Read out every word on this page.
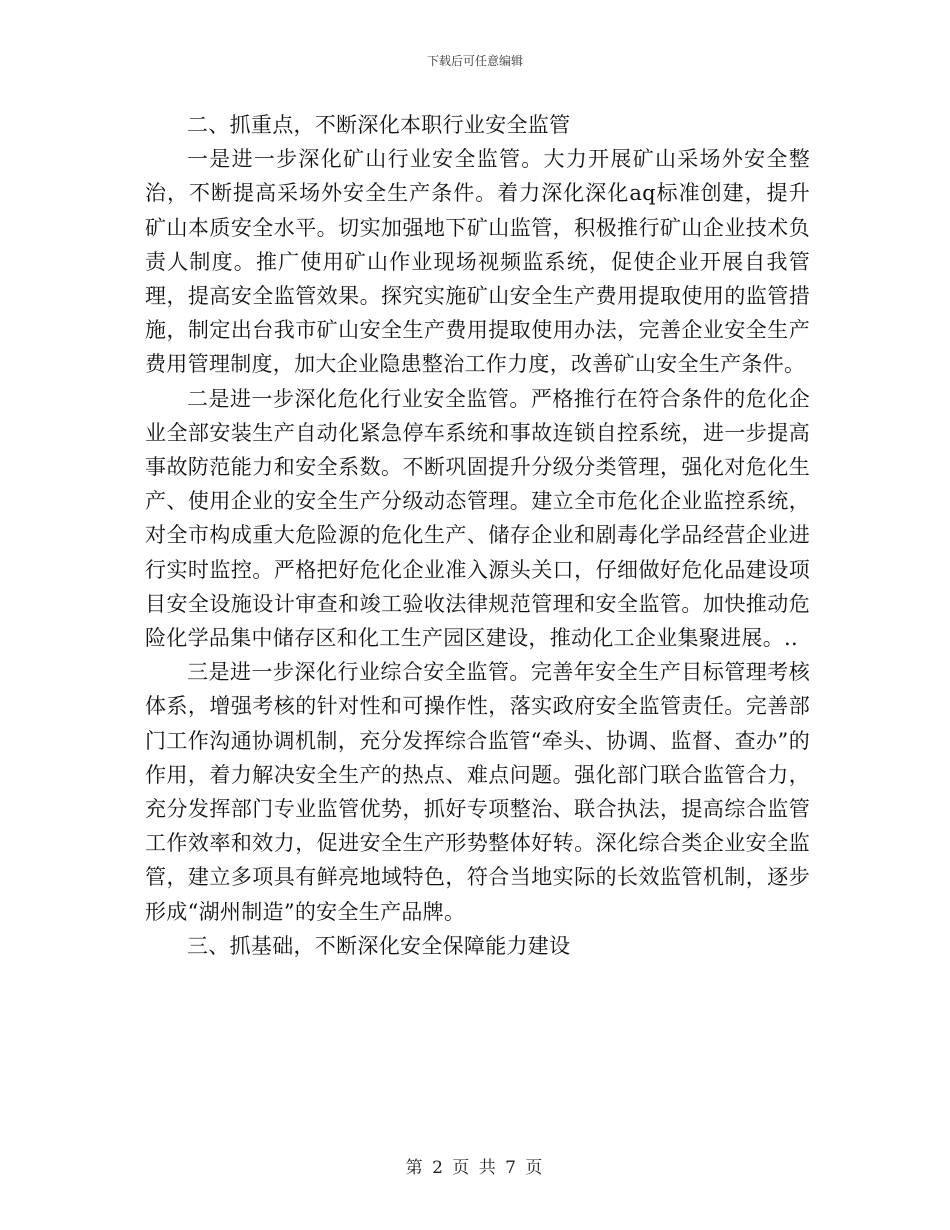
下载后可任意编辑

二、抓重点，不断深化本职行业安全监管

一是进一步深化矿山行业安全监管。大力开展矿山采场外安全整治，不断提高采场外安全生产条件。着力深化深化aq标准创建，提升矿山本质安全水平。切实加强地下矿山监管，积极推行矿山企业技术负责人制度。推广使用矿山作业现场视频监系统，促使企业开展自我管理，提高安全监管效果。探究实施矿山安全生产费用提取使用的监管措施，制定出台我市矿山安全生产费用提取使用办法，完善企业安全生产费用管理制度，加大企业隐患整治工作力度，改善矿山安全生产条件。

二是进一步深化危化行业安全监管。严格推行在符合条件的危化企业全部安装生产自动化紧急停车系统和事故连锁自控系统，进一步提高事故防范能力和安全系数。不断巩固提升分级分类管理，强化对危化生产、使用企业的安全生产分级动态管理。建立全市危化企业监控系统，对全市构成重大危险源的危化生产、储存企业和剧毒化学品经营企业进行实时监控。严格把好危化企业准入源头关口，仔细做好危化品建设项目安全设施设计审查和竣工验收法律规范管理和安全监管。加快推动危险化学品集中储存区和化工生产园区建设，推动化工企业集聚进展。..

三是进一步深化行业综合安全监管。完善年安全生产目标管理考核体系，增强考核的针对性和可操作性，落实政府安全监管责任。完善部门工作沟通协调机制，充分发挥综合监管“牵头、协调、监督、查办”的作用，着力解决安全生产的热点、难点问题。强化部门联合监管合力，充分发挥部门专业监管优势，抓好专项整治、联合执法，提高综合监管工作效率和效力，促进安全生产形势整体好转。深化综合类企业安全监管，建立多项具有鲜亮地域特色，符合当地实际的长效监管机制，逐步形成“湖州制造”的安全生产品牌。

三、抓基础，不断深化安全保障能力建设

第 2 页 共 7 页
